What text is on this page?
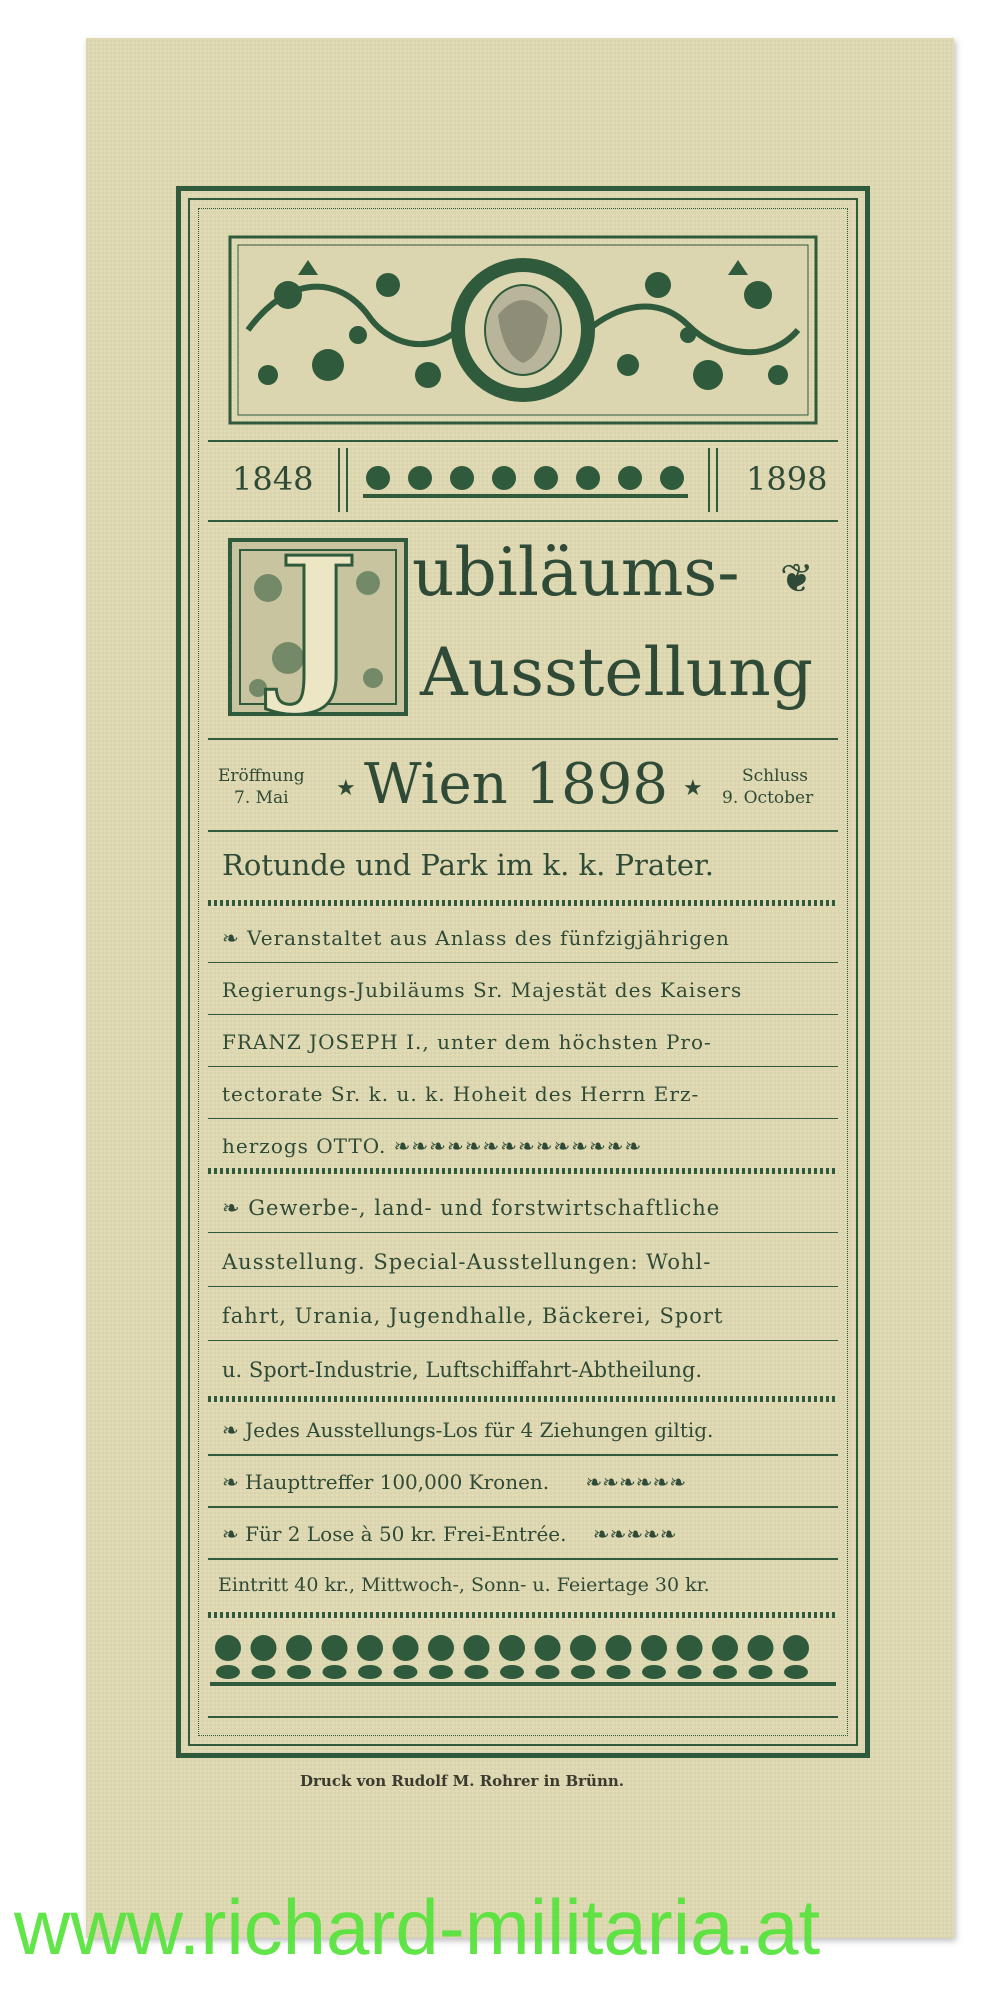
1848	1898
J ubiläums- ❦
Ausstellung
Eröffnung
7. Mai ★ Wien 1898 ★ Schluss
9. October
Rotunde und Park im k. k. Prater.
❧ Veranstaltet aus Anlass des fünfzigjährigen
Regierungs-Jubiläums Sr. Majestät des Kaisers
FRANZ JOSEPH I., unter dem höchsten Pro-
tectorate Sr. k. u. k. Hoheit des Herrn Erz-
herzogs OTTO. ❧❧❧❧❧❧❧❧❧❧❧❧❧❧
❧ Gewerbe-, land- und forstwirtschaftliche
Ausstellung. Special-Ausstellungen: Wohl-
fahrt, Urania, Jugendhalle, Bäckerei, Sport
u. Sport-Industrie, Luftschiffahrt-Abtheilung.
❧ Jedes Ausstellungs-Los für 4 Ziehungen giltig.
❧ Haupttreffer 100,000 Kronen. ❧❧❧❧❧❧
❧ Für 2 Lose à 50 kr. Frei-Entrée. ❧❧❧❧❧
Eintritt 40 kr., Mittwoch-, Sonn- u. Feiertage 30 kr.
Druck von Rudolf M. Rohrer in Brünn.
www.richard-militaria.at
